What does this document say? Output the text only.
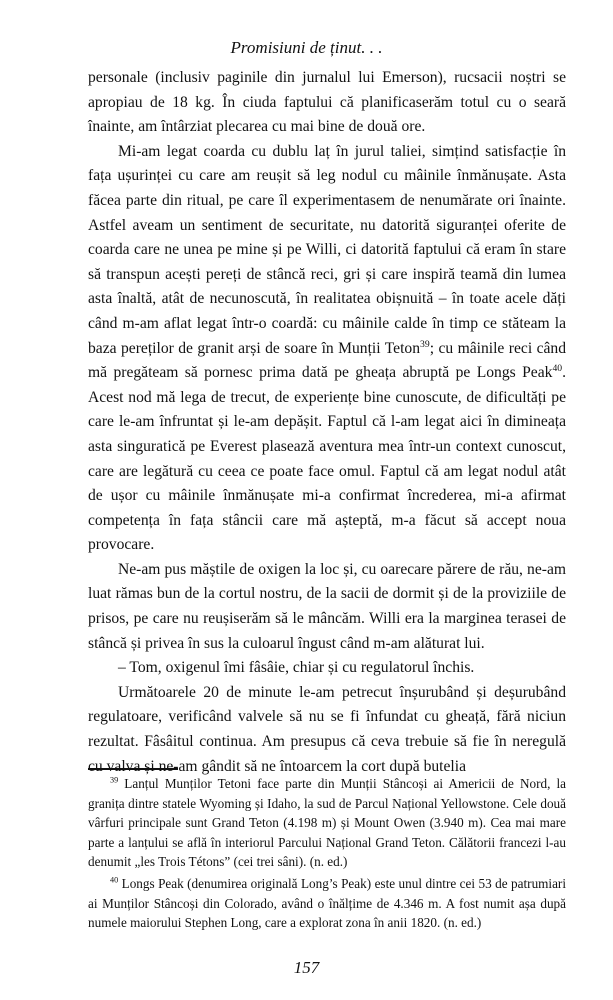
Promisiuni de ținut. . .

personale (inclusiv paginile din jurnalul lui Emerson), rucsacii noștri se apropiau de 18 kg. În ciuda faptului că planificaserăm totul cu o seară înainte, am întârziat plecarea cu mai bine de două ore.

Mi-am legat coarda cu dublu laț în jurul taliei, simțind satisfacție în fața ușurinței cu care am reușit să leg nodul cu mâinile înmănușate. Asta făcea parte din ritual, pe care îl experimentasem de nenumărate ori înainte. Astfel aveam un sentiment de securitate, nu datorită siguranței oferite de coarda care ne unea pe mine și pe Willi, ci datorită faptului că eram în stare să transpun acești pereți de stâncă reci, gri și care inspiră teamă din lumea asta înaltă, atât de necunoscută, în realitatea obișnuită – în toate acele dăți când m-am aflat legat într-o coardă: cu mâinile calde în timp ce stăteam la baza pereților de granit arși de soare în Munții Teton$^{39}$; cu mâinile reci când mă pregăteam să pornesc prima dată pe gheața abruptă pe Longs Peak$^{40}$. Acest nod mă lega de trecut, de experiențe bine cunoscute, de dificultăți pe care le-am înfruntat și le-am depășit. Faptul că l-am legat aici în dimineața asta singuratică pe Everest plasează aventura mea într-un context cunoscut, care are legătură cu ceea ce poate face omul. Faptul că am legat nodul atât de ușor cu mâinile înmănușate mi-a confirmat încrederea, mi-a afirmat competența în fața stâncii care mă așteptă, m-a făcut să accept noua provocare.

Ne-am pus măștile de oxigen la loc și, cu oarecare părere de rău, ne-am luat rămas bun de la cortul nostru, de la sacii de dormit și de la proviziile de prisos, pe care nu reușiserăm să le mâncăm. Willi era la marginea terasei de stâncă și privea în sus la culoarul îngust când m-am alăturat lui.

– Tom, oxigenul îmi fâsâie, chiar și cu regulatorul închis.

Următoarele 20 de minute le-am petrecut înșurubând și deșurubând regulatoare, verificând valvele să nu se fi înfundat cu gheață, fără niciun rezultat. Fâsâitul continua. Am presupus că ceva trebuie să fie în neregulă cu valva și ne-am gândit să ne întoarcem la cort după butelia

$^{39}$ Lanțul Munților Tetoni face parte din Munții Stâncoși ai Americii de Nord, la granița dintre statele Wyoming și Idaho, la sud de Parcul Național Yellowstone. Cele două vârfuri principale sunt Grand Teton (4.198 m) și Mount Owen (3.940 m). Cea mai mare parte a lanțului se află în interiorul Parcului Național Grand Teton. Călătorii francezi l-au denumit „les Trois Tétons” (cei trei sâni). (n. ed.)

$^{40}$ Longs Peak (denumirea originală Long’s Peak) este unul dintre cei 53 de patrumiari ai Munților Stâncoși din Colorado, având o înălțime de 4.346 m. A fost numit așa după numele maiorului Stephen Long, care a explorat zona în anii 1820. (n. ed.)

157
